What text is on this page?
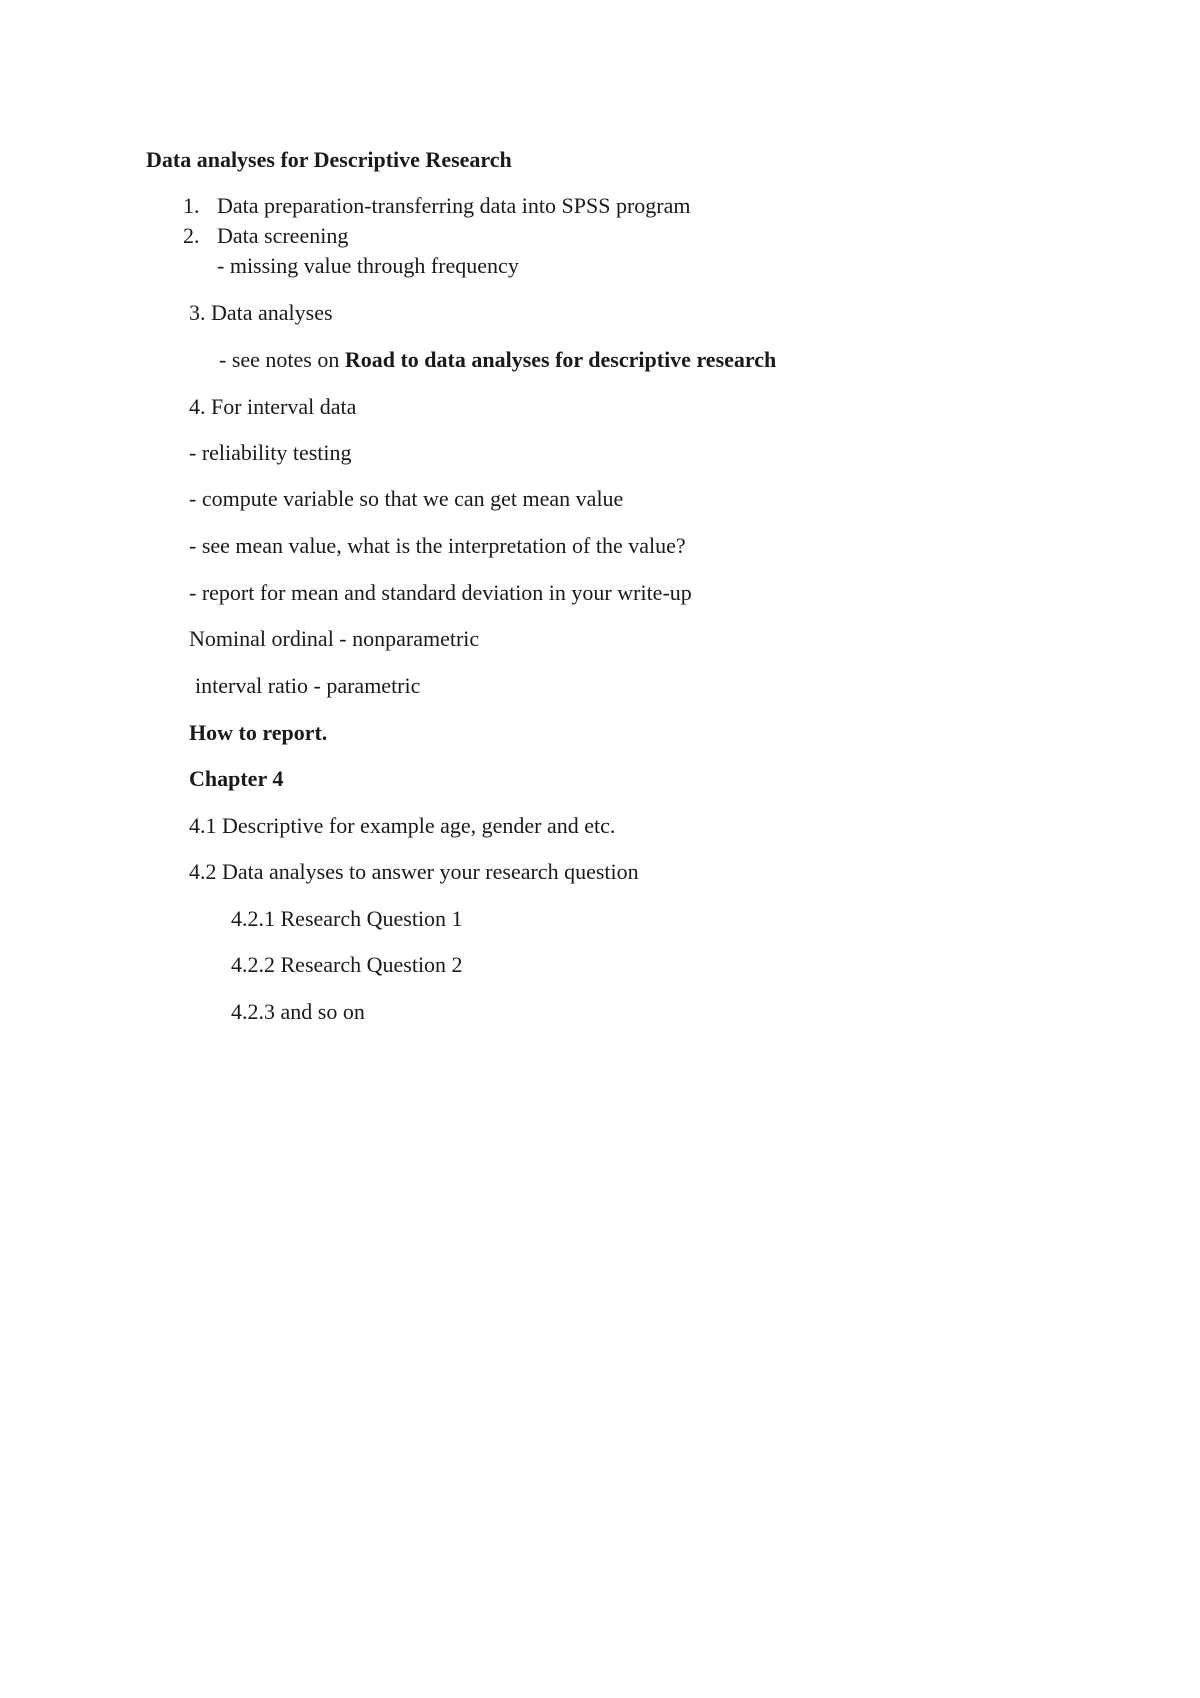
Data analyses for Descriptive Research
1. Data preparation-transferring data into SPSS program
2. Data screening
- missing value through frequency
3. Data analyses
- see notes on Road to data analyses for descriptive research
4. For interval data
- reliability testing
- compute variable so that we can get mean value
- see mean value, what is the interpretation of the value?
- report for mean and standard deviation in your write-up
Nominal ordinal - nonparametric
interval ratio - parametric
How to report.
Chapter 4
4.1 Descriptive for example age, gender and etc.
4.2 Data analyses to answer your research question
4.2.1 Research Question 1
4.2.2 Research Question 2
4.2.3 and so on
